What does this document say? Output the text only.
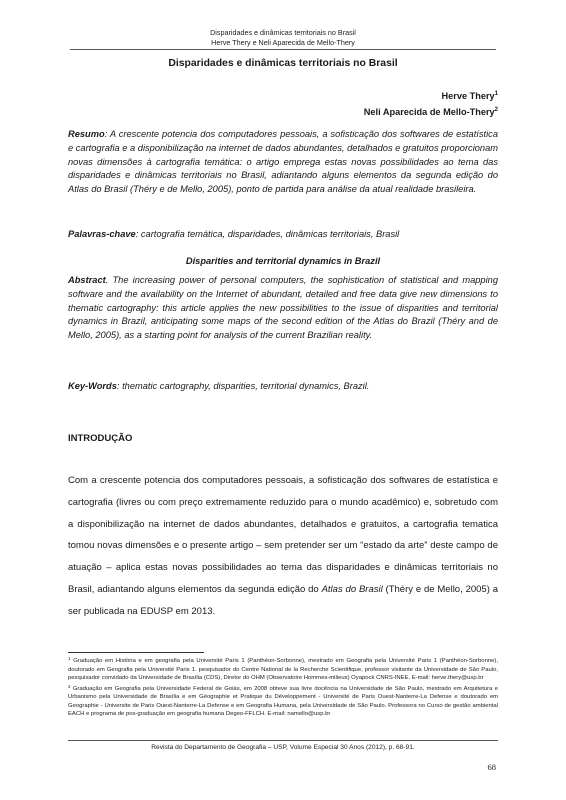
Disparidades e dinâmicas territoriais no Brasil
Herve Thery e Neli Aparecida de Mello-Thery
Disparidades e dinâmicas territoriais no Brasil
Herve Thery$^1$
Neli Aparecida de Mello-Thery$^2$
Resumo: A crescente potencia dos computadores pessoais, a sofisticação dos softwares de estatística e cartografia e a disponibilização na internet de dados abundantes, detalhados e gratuitos proporcionam novas dimensões à cartografia temática: o artigo emprega estas novas possibilidades ao tema das disparidades e dinâmicas territoriais no Brasil, adiantando alguns elementos da segunda edição do Atlas do Brasil (Théry e de Mello, 2005), ponto de partida para análise da atual realidade brasileira.
Palavras-chave: cartografia temática, disparidades, dinâmicas territoriais, Brasil
Disparities and territorial dynamics in Brazil
Abstract. The increasing power of personal computers, the sophistication of statistical and mapping software and the availability on the Internet of abundant, detailed and free data give new dimensions to thematic cartography: this article applies the new possibilities to the issue of disparities and territorial dynamics in Brazil, anticipating some maps of the second edition of the Atlas do Brazil (Théry and de Mello, 2005), as a starting point for analysis of the current Brazilian reality.
Key-Words: thematic cartography, disparities, territorial dynamics, Brazil.
INTRODUÇÃO
Com a crescente potencia dos computadores pessoais, a sofisticação dos softwares de estatística e cartografia (livres ou com preço extremamente reduzido para o mundo acadêmico) e, sobretudo com a disponibilização na internet de dados abundantes, detalhados e gratuitos, a cartografia tematica tomou novas dimensões e o presente artigo – sem pretender ser um “estado da arte” deste campo de atuação – aplica estas novas possibilidades ao tema das disparidades e dinâmicas territoriais no Brasil, adiantando alguns elementos da segunda edição do Atlas do Brasil (Théry e de Mello, 2005) a ser publicada na EDUSP em 2013.

$^1$ Graduação em História e em geografia pela Université Paris 1 (Panthéon-Sorbonne), mestrado em Geografia pela Université Paris 1 (Panthéon-Sorbonne), doutorado em Geografia pela Université Paris 1. pesquisador do Centre National de la Recherche Scientifique, professor visitante da Universidade de São Paulo, pesquisador convidado da Universidade de Brasília (CDS), Diretor do OHM (Observatoire Hommes-milieux) Oyapock CNRS-INEE. E-mail: herve.thery@usp.br

$^2$ Graduação em Geografia pela Universidade Federal de Goiás, em 2008 obteve sua livre docência na Universidade de São Paulo, mestrado em Arquitetura e Urbanismo pela Universidade de Brasília e em Géographie et Pratique du Développement - Université de Paris Ouest-Nanterre-La Defense e doutorado em Geographie - Universite de Paris Ouest-Nanterre-La Defense e em Geografia Humana, pela Universidade de São Paulo. Professora no Curso de gestão ambiental EACH e programa de pos-graduação em geografia humana Degeo-FFLCH. E-mail: namello@usp.br

Revista do Departamento de Geografia – USP, Volume Especial 30 Anos (2012), p. 68-91.
68
